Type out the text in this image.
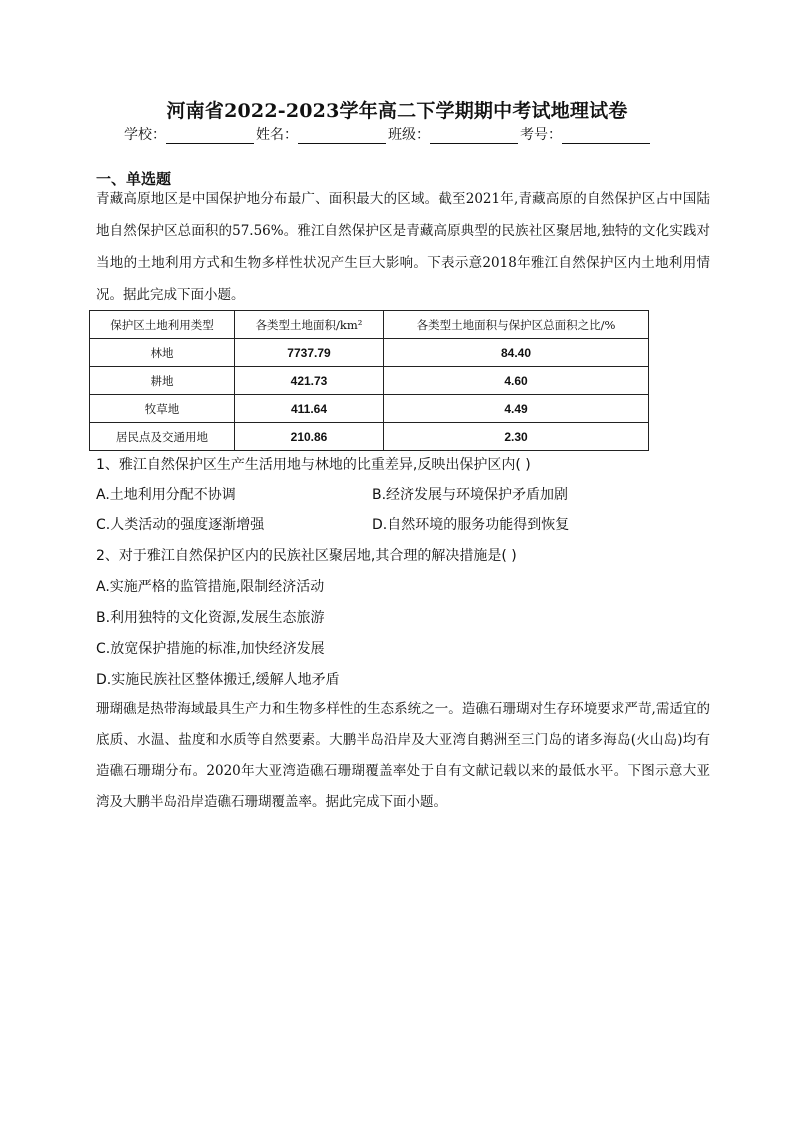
河南省2022-2023学年高二下学期期中考试地理试卷
学校：	姓名：	班级：	考号：
一、单选题
青藏高原地区是中国保护地分布最广、面积最大的区域。截至2021年,青藏高原的自然保护区占中国陆地自然保护区总面积的57.56%。雅江自然保护区是青藏高原典型的民族社区聚居地,独特的文化实践对当地的土地利用方式和生物多样性状况产生巨大影响。下表示意2018年雅江自然保护区内土地利用情况。据此完成下面小题。
保护区土地利用类型	各类型土地面积/km²	各类型土地面积与保护区总面积之比/%
林地	7737.79	84.40
耕地	421.73	4.60
牧草地	411.64	4.49
居民点及交通用地	210.86	2.30
1、雅江自然保护区生产生活用地与林地的比重差异,反映出保护区内( )
A.土地利用分配不协调	B.经济发展与环境保护矛盾加剧
C.人类活动的强度逐渐增强	D.自然环境的服务功能得到恢复
2、对于雅江自然保护区内的民族社区聚居地,其合理的解决措施是( )
A.实施严格的监管措施,限制经济活动
B.利用独特的文化资源,发展生态旅游
C.放宽保护措施的标准,加快经济发展
D.实施民族社区整体搬迁,缓解人地矛盾
珊瑚礁是热带海域最具生产力和生物多样性的生态系统之一。造礁石珊瑚对生存环境要求严苛,需适宜的底质、水温、盐度和水质等自然要素。大鹏半岛沿岸及大亚湾自鹅洲至三门岛的诸多海岛(火山岛)均有造礁石珊瑚分布。2020年大亚湾造礁石珊瑚覆盖率处于自有文献记载以来的最低水平。下图示意大亚湾及大鹏半岛沿岸造礁石珊瑚覆盖率。据此完成下面小题。
